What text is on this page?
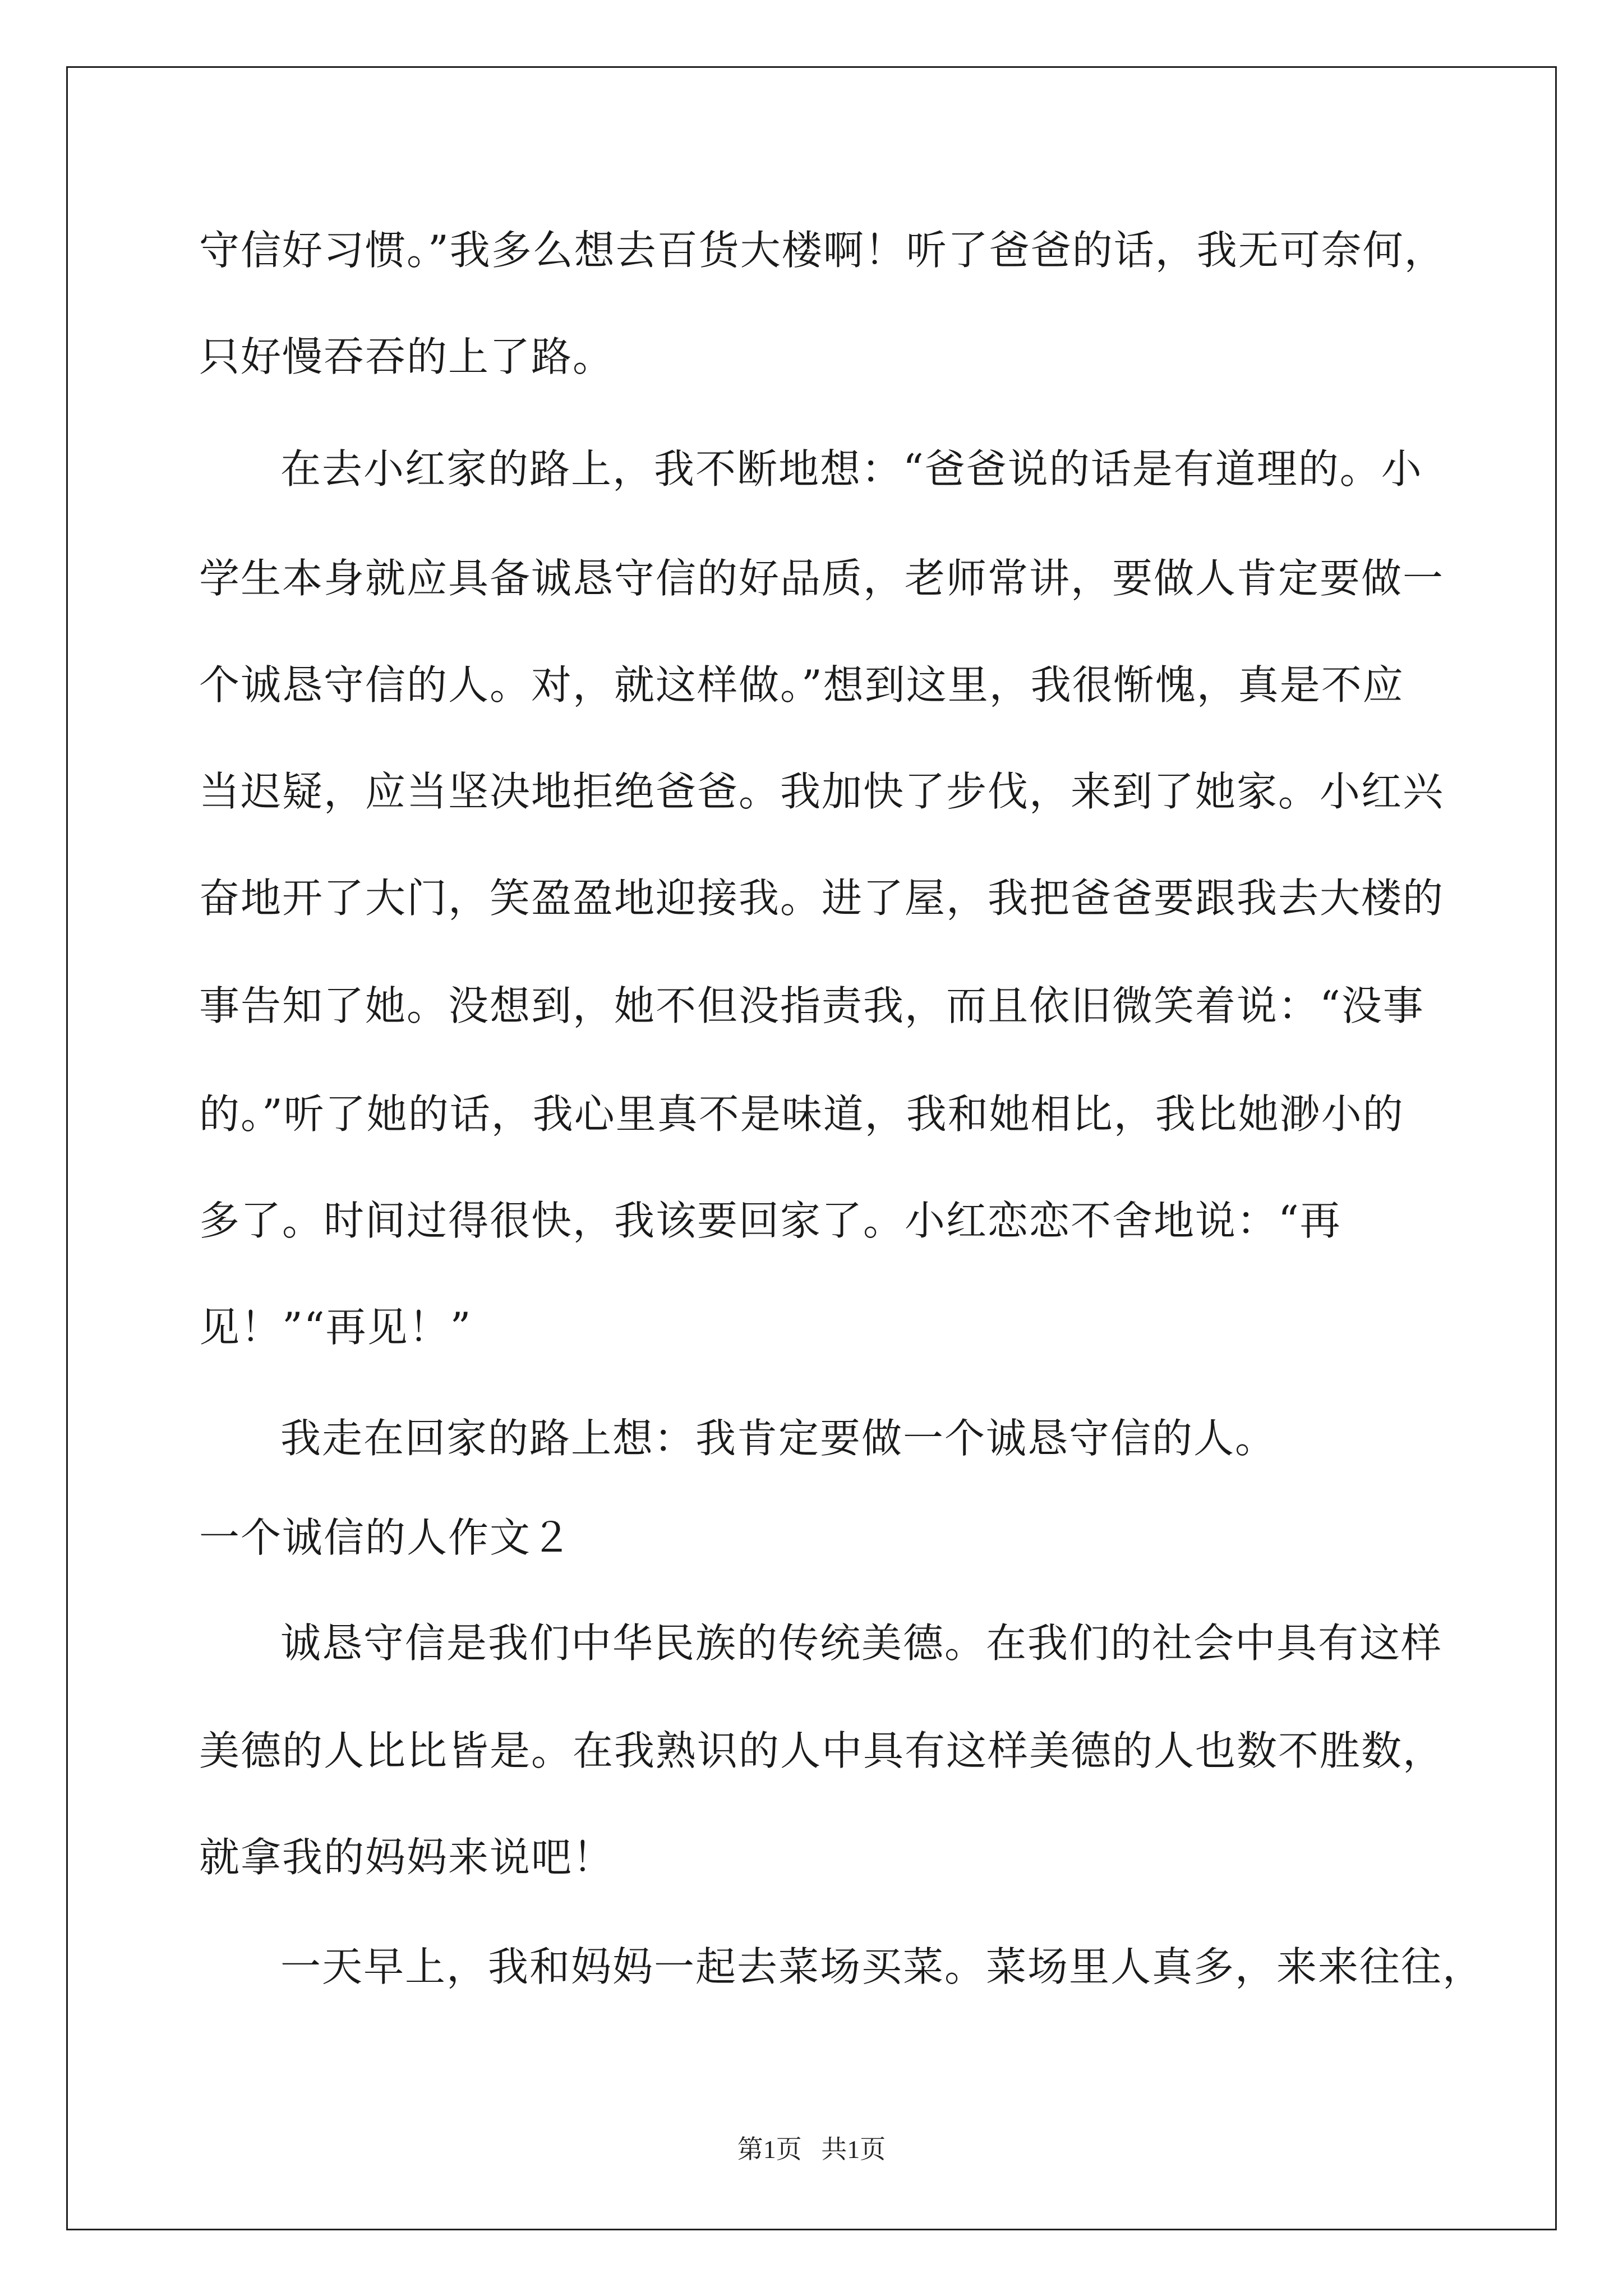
守信好习惯。”我多么想去百货大楼啊！听了爸爸的话，我无可奈何，
只好慢吞吞的上了路。
在去小红家的路上，我不断地想：“爸爸说的话是有道理的。小
学生本身就应具备诚恳守信的好品质，老师常讲，要做人肯定要做一
个诚恳守信的人。对，就这样做。”想到这里，我很惭愧，真是不应
当迟疑，应当坚决地拒绝爸爸。我加快了步伐，来到了她家。小红兴
奋地开了大门，笑盈盈地迎接我。进了屋，我把爸爸要跟我去大楼的
事告知了她。没想到，她不但没指责我，而且依旧微笑着说：“没事
的。”听了她的话，我心里真不是味道，我和她相比，我比她渺小的
多了。时间过得很快，我该要回家了。小红恋恋不舍地说：“再
见！”“再见！”
我走在回家的路上想：我肯定要做一个诚恳守信的人。
一个诚信的人作文２
诚恳守信是我们中华民族的传统美德。在我们的社会中具有这样
美德的人比比皆是。在我熟识的人中具有这样美德的人也数不胜数，
就拿我的妈妈来说吧！
一天早上，我和妈妈一起去菜场买菜。菜场里人真多，来来往往，
第1页   共1页
